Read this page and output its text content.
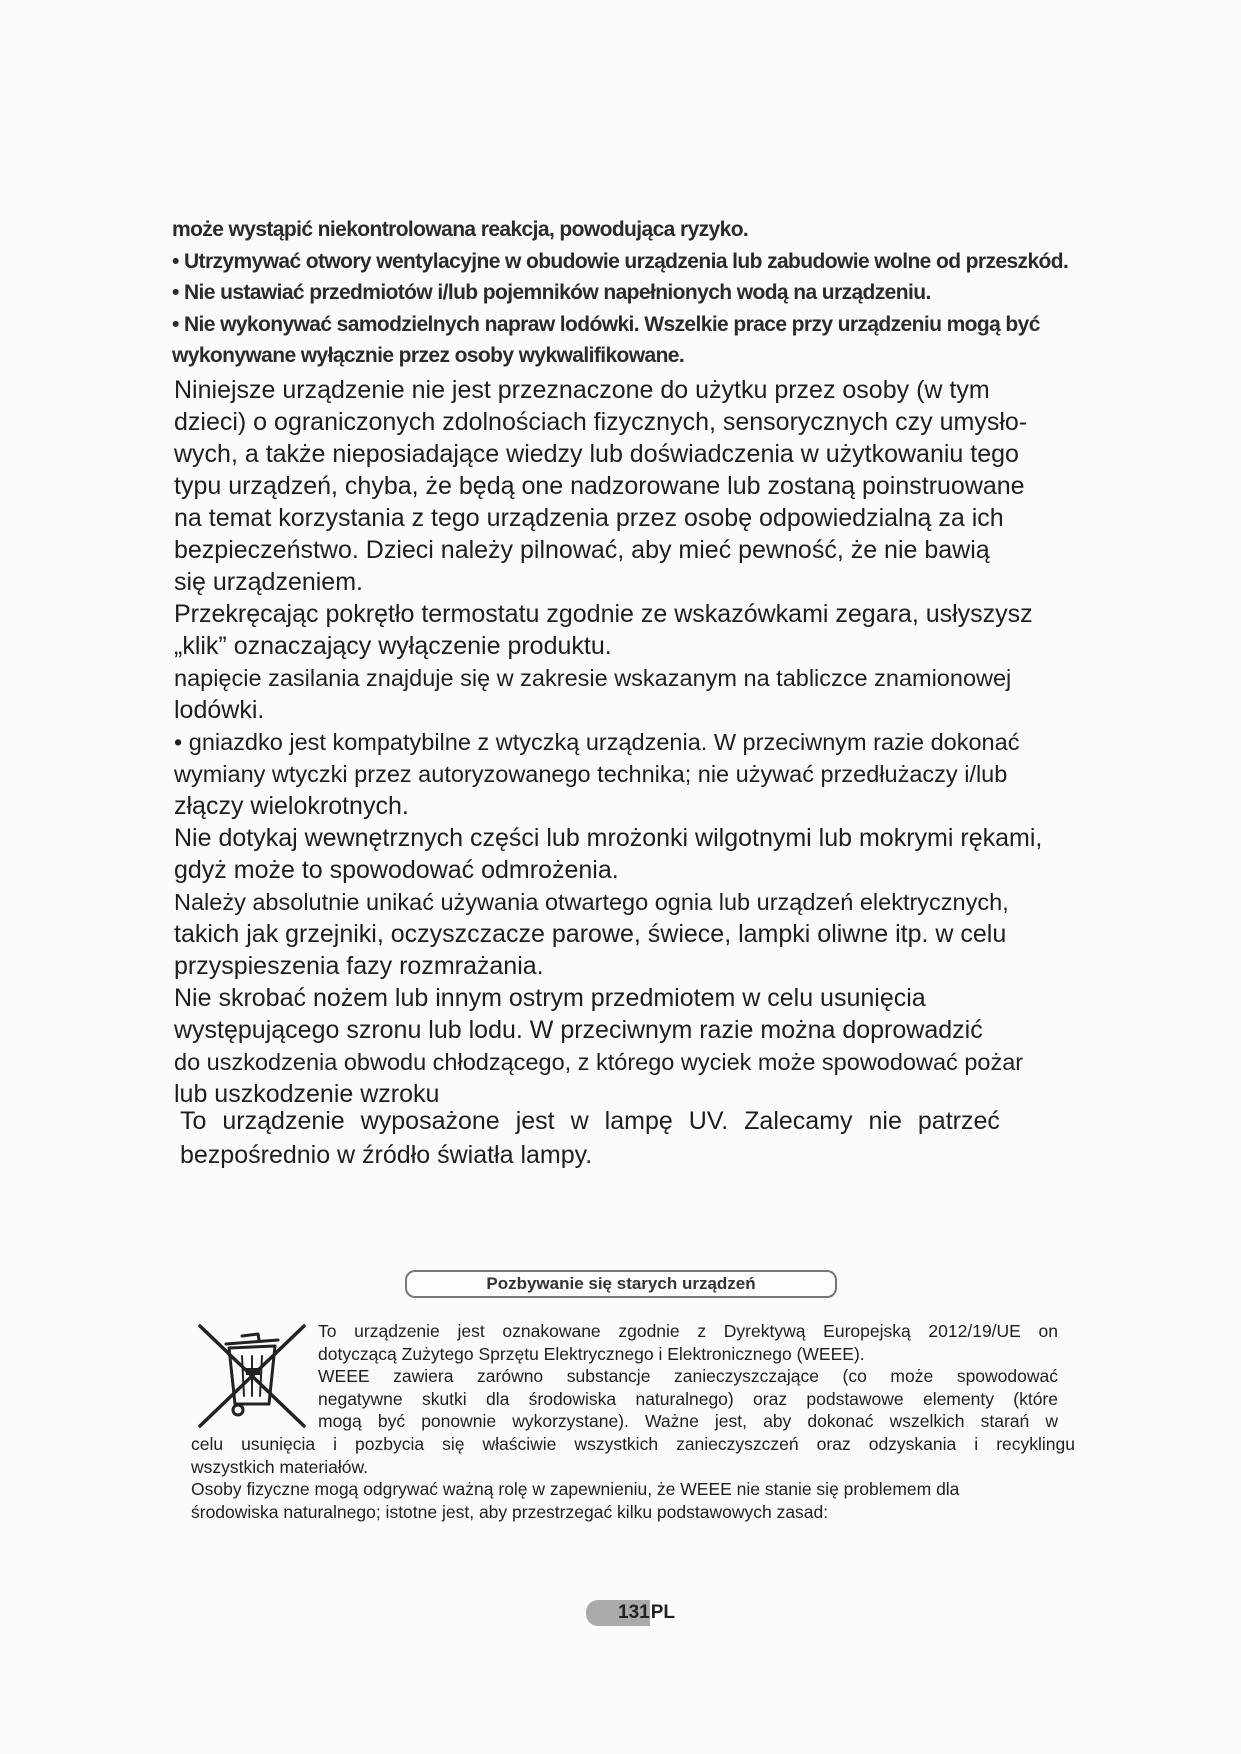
może wystąpić niekontrolowana reakcja, powodująca ryzyko.
• Utrzymywać otwory wentylacyjne w obudowie urządzenia lub zabudowie wolne od przeszkód.
• Nie ustawiać przedmiotów i/lub pojemników napełnionych wodą na urządzeniu.
• Nie wykonywać samodzielnych napraw lodówki. Wszelkie prace przy urządzeniu mogą być
wykonywane wyłącznie przez osoby wykwalifikowane.
Niniejsze urządzenie nie jest przeznaczone do użytku przez osoby (w tym
dzieci) o ograniczonych zdolnościach fizycznych, sensorycznych czy umysło-
wych, a także nieposiadające wiedzy lub doświadczenia w użytkowaniu tego
typu urządzeń, chyba, że będą one nadzorowane lub zostaną poinstruowane
na temat korzystania z tego urządzenia przez osobę odpowiedzialną za ich
bezpieczeństwo. Dzieci należy pilnować, aby mieć pewność, że nie bawią
się urządzeniem.
Przekręcając pokrętło termostatu zgodnie ze wskazówkami zegara, usłyszysz
„klik” oznaczający wyłączenie produktu.
napięcie zasilania znajduje się w zakresie wskazanym na tabliczce znamionowej
lodówki.
• gniazdko jest kompatybilne z wtyczką urządzenia. W przeciwnym razie dokonać
wymiany wtyczki przez autoryzowanego technika; nie używać przedłużaczy i/lub
złączy wielokrotnych.
Nie dotykaj wewnętrznych części lub mrożonki wilgotnymi lub mokrymi rękami,
gdyż może to spowodować odmrożenia.
Należy absolutnie unikać używania otwartego ognia lub urządzeń elektrycznych,
takich jak grzejniki, oczyszczacze parowe, świece, lampki oliwne itp. w celu
przyspieszenia fazy rozmrażania.
Nie skrobać nożem lub innym ostrym przedmiotem w celu usunięcia
występującego szronu lub lodu. W przeciwnym razie można doprowadzić
do uszkodzenia obwodu chłodzącego, z którego wyciek może spowodować pożar
lub uszkodzenie wzroku
To urządzenie wyposażone jest w lampę UV. Zalecamy nie patrzeć
bezpośrednio w źródło światła lampy.
Pozbywanie się starych urządzeń
To urządzenie jest oznakowane zgodnie z Dyrektywą Europejską 2012/19/UE on
dotyczącą Zużytego Sprzętu Elektrycznego i Elektronicznego (WEEE).
WEEE zawiera zarówno substancje zanieczyszczające (co może spowodować
negatywne skutki dla środowiska naturalnego) oraz podstawowe elementy (które
mogą być ponownie wykorzystane). Ważne jest, aby dokonać wszelkich starań w
celu usunięcia i pozbycia się właściwie wszystkich zanieczyszczeń oraz odzyskania i recyklingu
wszystkich materiałów.
Osoby fizyczne mogą odgrywać ważną rolę w zapewnieniu, że WEEE nie stanie się problemem dla
środowiska naturalnego; istotne jest, aby przestrzegać kilku podstawowych zasad:
131 PL
